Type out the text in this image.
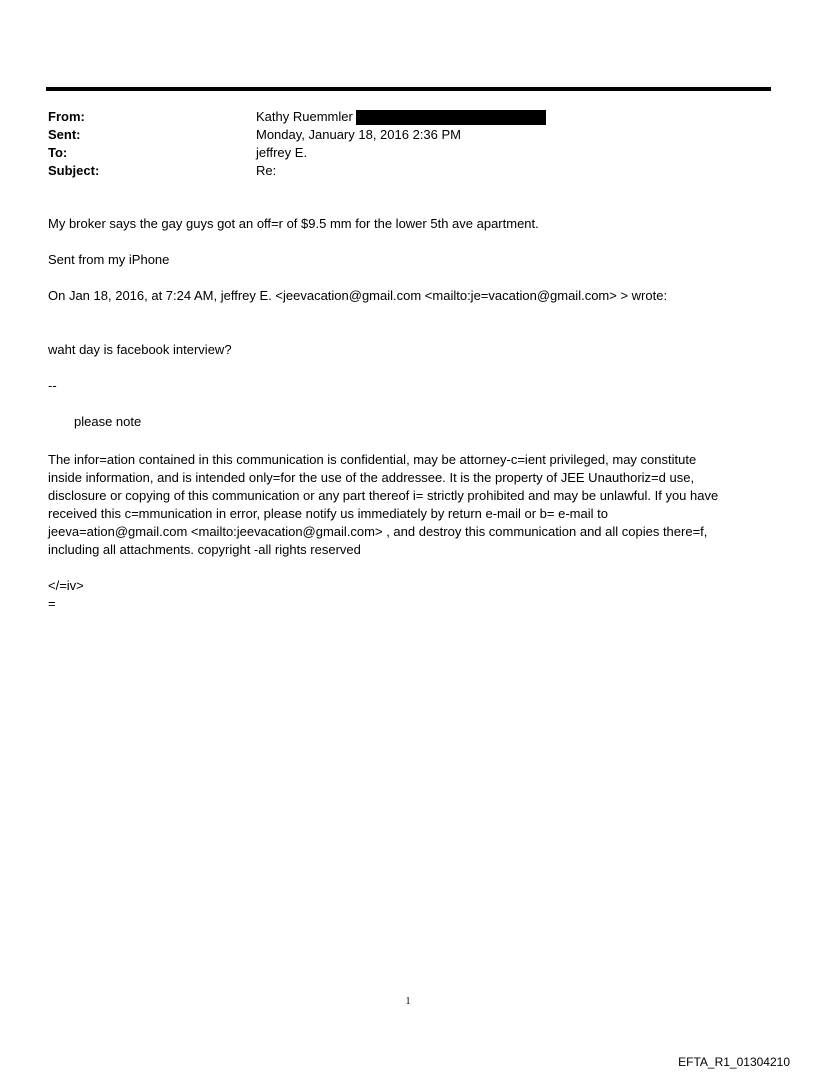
From:	Kathy Ruemmler
Sent:	Monday, January 18, 2016 2:36 PM
To:	jeffrey E.
Subject:	Re:
My broker says the gay guys got an off=r of $9.5 mm for the lower 5th ave apartment.
Sent from my iPhone
On Jan 18, 2016, at 7:24 AM, jeffrey E. <jeevacation@gmail.com <mailto:je=vacation@gmail.com> > wrote:
waht day is facebook interview?
--
please note
The infor=ation contained in this communication is confidential, may be attorney-c=ient privileged, may constitute
inside information, and is intended only=for the use of the addressee. It is the property of JEE Unauthoriz=d use,
disclosure or copying of this communication or any part thereof i= strictly prohibited and may be unlawful. If you have
received this c=mmunication in error, please notify us immediately by return e-mail or b= e-mail to
jeeva=ation@gmail.com <mailto:jeevacation@gmail.com> , and destroy this communication and all copies there=f,
including all attachments. copyright -all rights reserved
</=iv>
=
1
EFTA_R1_01304210
